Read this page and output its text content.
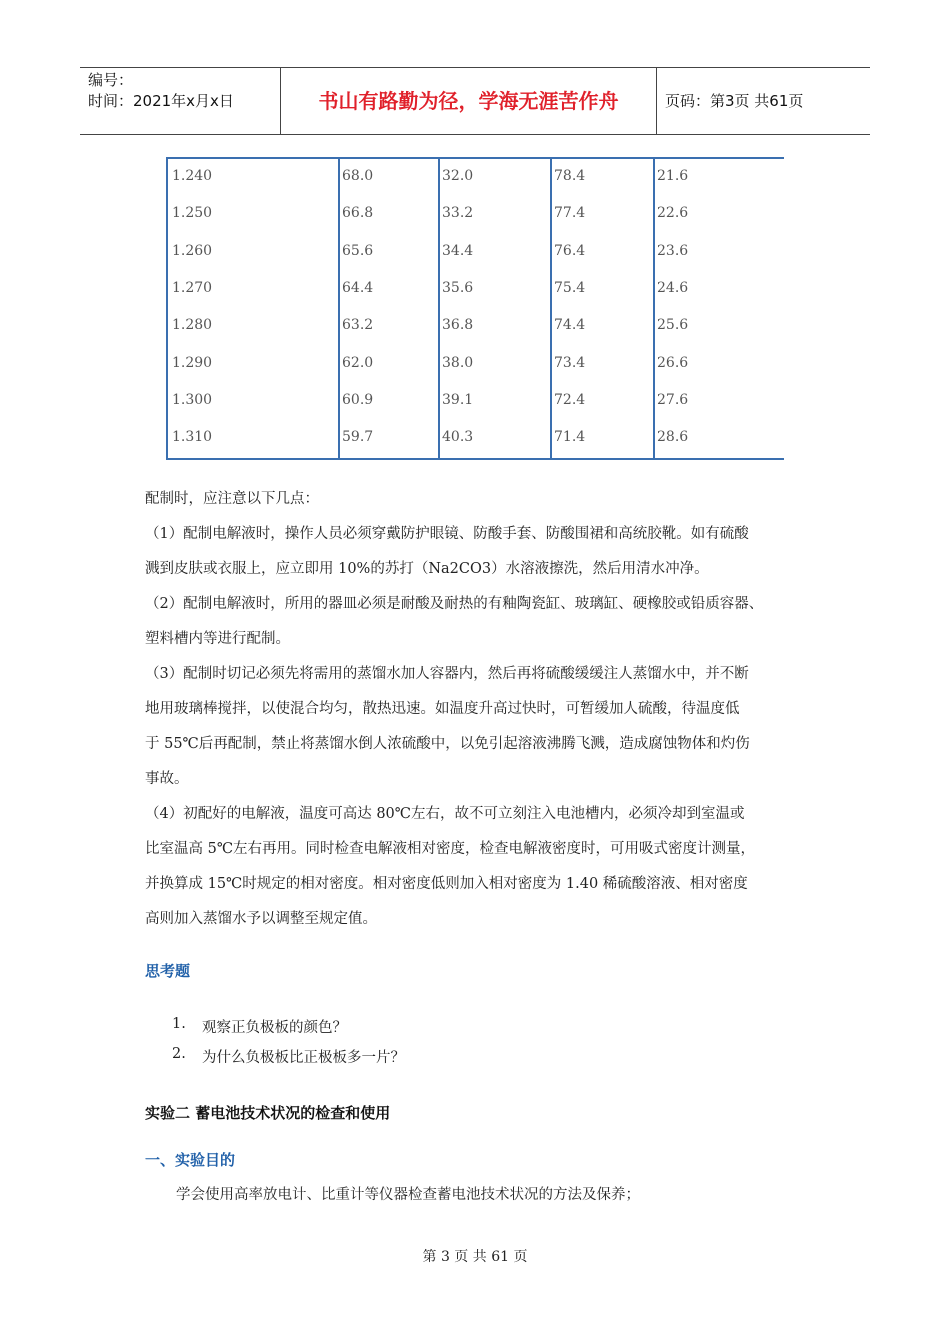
编号：
时间：2021年x月x日	书山有路勤为径，学海无涯苦作舟	页码：第3页 共61页
1.240	68.0	32.0	78.4	21.6
1.250	66.8	33.2	77.4	22.6
1.260	65.6	34.4	76.4	23.6
1.270	64.4	35.6	75.4	24.6
1.280	63.2	36.8	74.4	25.6
1.290	62.0	38.0	73.4	26.6
1.300	60.9	39.1	72.4	27.6
1.310	59.7	40.3	71.4	28.6
配制时，应注意以下几点：
（1）配制电解液时，操作人员必须穿戴防护眼镜、防酸手套、防酸围裙和高统胶靴。如有硫酸
溅到皮肤或衣服上，应立即用 10%的苏打（Na2CO3）水溶液擦洗，然后用清水冲净。
（2）配制电解液时，所用的器皿必须是耐酸及耐热的有釉陶瓷缸、玻璃缸、硬橡胶或铅质容器、
塑料槽内等进行配制。
（3）配制时切记必须先将需用的蒸馏水加人容器内，然后再将硫酸缓缓注人蒸馏水中，并不断
地用玻璃棒搅拌，以使混合均匀，散热迅速。如温度升高过快时，可暂缓加人硫酸，待温度低
于 55℃后再配制，禁止将蒸馏水倒人浓硫酸中，以免引起溶液沸腾飞溅，造成腐蚀物体和灼伤
事故。
（4）初配好的电解液，温度可高达 80℃左右，故不可立刻注入电池槽内，必须冷却到室温或
比室温高 5℃左右再用。同时检查电解液相对密度，检查电解液密度时，可用吸式密度计测量，
并换算成 15℃时规定的相对密度。相对密度低则加入相对密度为 1.40 稀硫酸溶液、相对密度
高则加入蒸馏水予以调整至规定值。
思考题
1. 观察正负极板的颜色？
2. 为什么负极板比正极板多一片？
实验二 蓄电池技术状况的检查和使用
一、实验目的
学会使用高率放电计、比重计等仪器检查蓄电池技术状况的方法及保养；
第 3 页 共 61 页
